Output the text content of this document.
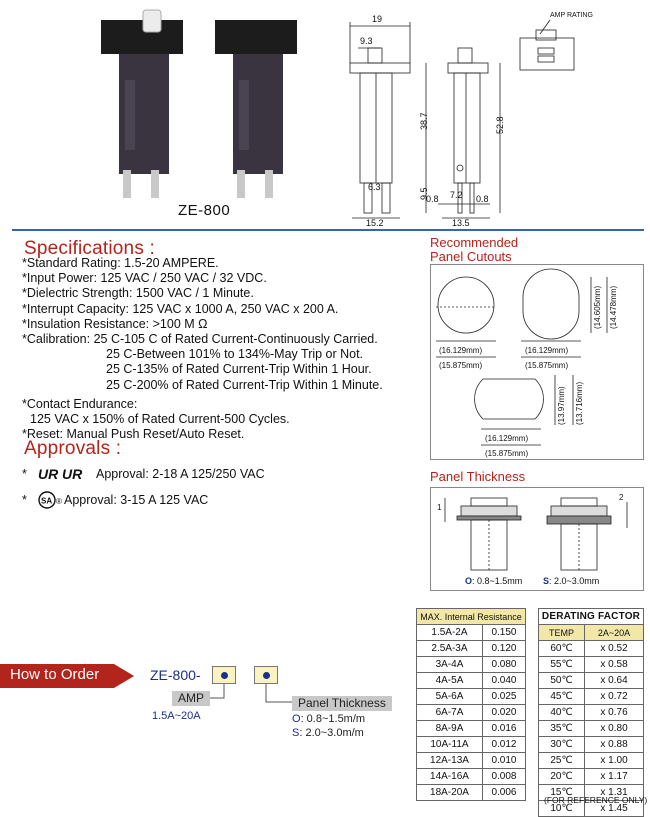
ZE-800
19
9.3
38.7	52.8
9.5
6.3
15.2
0.8 7.2 0.8
13.5
AMP RATING
Specifications :
*Standard Rating: 1.5-20 AMPERE.
*Input Power: 125 VAC / 250 VAC / 32 VDC.
*Dielectric Strength: 1500 VAC / 1 Minute.
*Interrupt Capacity: 125 VAC x 1000 A, 250 VAC x 200 A.
*Insulation Resistance: >100 M Ω
*Calibration: 25 C-105 C of Rated Current-Continuously Carried.
25 C-Between 101% to 134%-May Trip or Not.
25 C-135% of Rated Current-Trip Within 1 Hour.
25 C-200% of Rated Current-Trip Within 1 Minute.
*Contact Endurance:
125 VAC x 150% of Rated Current-500 Cycles.
*Reset: Manual Push Reset/Auto Reset.
Approvals :
* UR UR Approval: 2-18 A 125/250 VAC
*	SA ® Approval: 3-15 A 125 VAC
Recommended
Panel Cutouts
(16.129mm)
(15.875mm)
(16.129mm)
(15.875mm)
(14.605mm) (14.478mm)
(16.129mm)
(15.875mm)
(13.97mm) (13.716mm)
Panel Thickness
1
2
O: 0.8~1.5mm S: 2.0~3.0mm
How to Order	ZE-800-
AMP
1.5A~20A
Panel Thickness
O: 0.8~1.5m/m
S: 2.0~3.0m/m
MAX. Internal Resistance	
1.5A-2A	0.150
2.5A-3A	0.120
3A-4A	0.080
4A-5A	0.040
5A-6A	0.025
6A-7A	0.020
8A-9A	0.016
10A-11A	0.012
12A-13A	0.010
14A-16A	0.008
18A-20A	0.006
DERATING FACTOR	
TEMP	2A~20A
60℃	x 0.52
55℃	x 0.58
50℃	x 0.64
45℃	x 0.72
40℃	x 0.76
35℃	x 0.80
30℃	x 0.88
25℃	x 1.00
20℃	x 1.17
15℃	x 1.31
10℃	x 1.45
(FOR REFERENCE ONLY)
